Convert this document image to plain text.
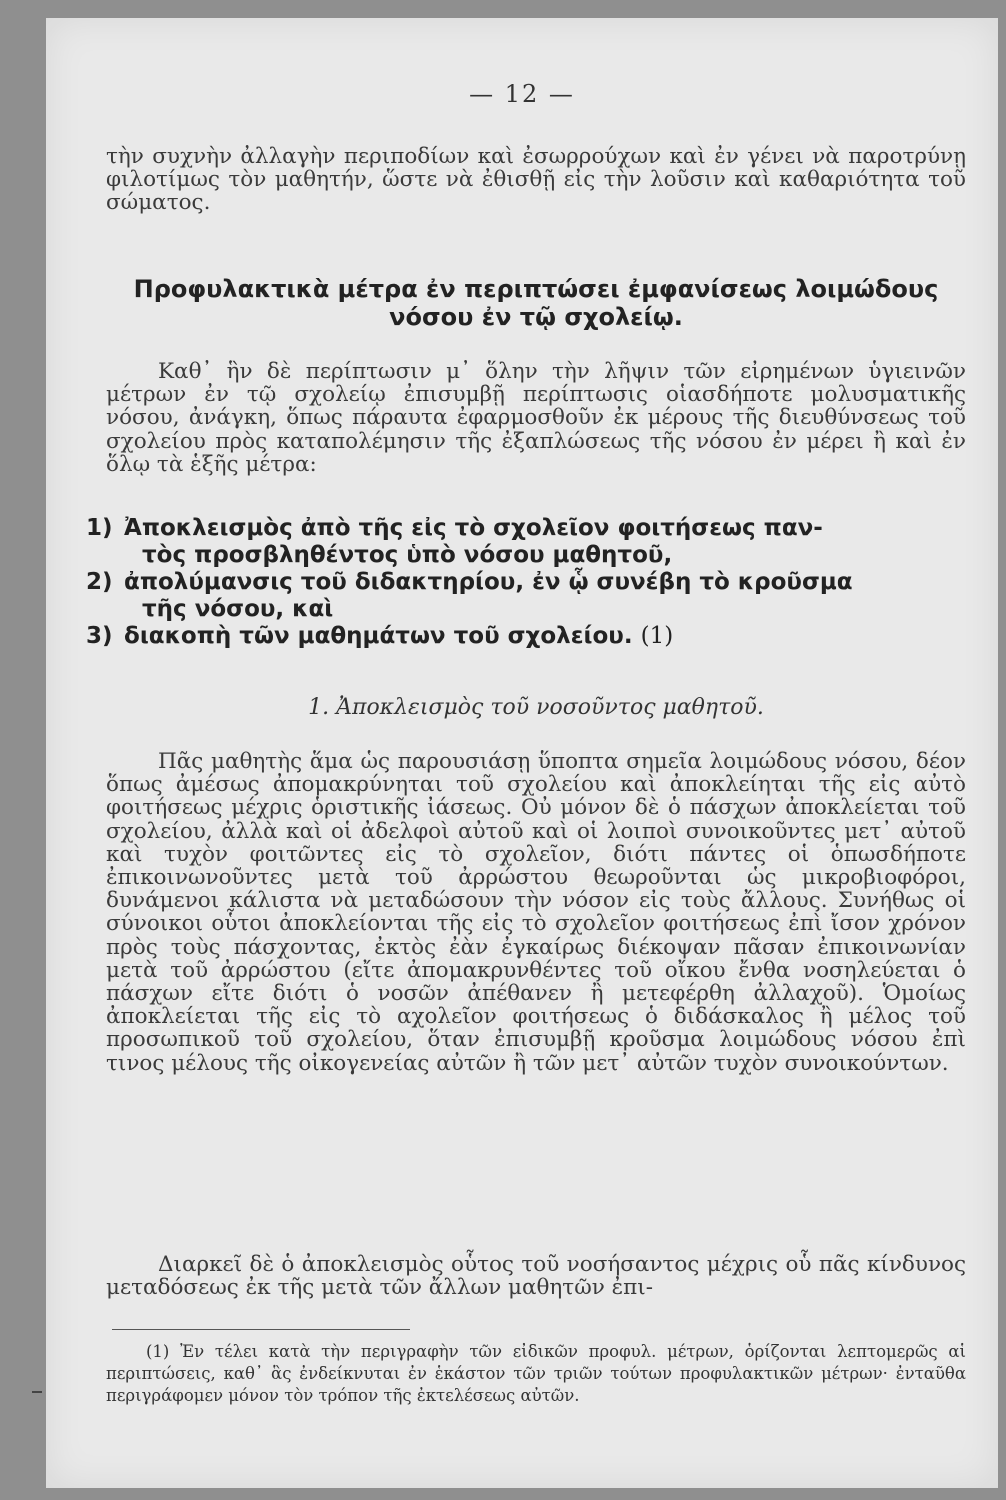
— 12 —
τὴν συχνὴν ἀλλαγὴν περιποδίων καὶ ἐσωρρούχων καὶ ἐν γένει νὰ παροτρύνῃ φιλοτίμως τὸν μαθητήν, ὥστε νὰ ἐθισθῇ εἰς τὴν λοῦσιν καὶ καθαριότητα τοῦ σώματος.
Προφυλακτικὰ μέτρα ἐν περιπτώσει ἐμφανίσεως λοιμώδους νόσου ἐν τῷ σχολείῳ.
Καθ᾽ ἣν δὲ περίπτωσιν μ᾽ ὅλην τὴν λῆψιν τῶν εἰρημένων ὑγιεινῶν μέτρων ἐν τῷ σχολείῳ ἐπισυμβῇ περίπτωσις οἱασδήποτε μολυσματικῆς νόσου, ἀνάγκη, ὅπως πάραυτα ἐφαρμοσθοῦν ἐκ μέρους τῆς διευθύνσεως τοῦ σχολείου πρὸς καταπολέμησιν τῆς ἐξαπλώσεως τῆς νόσου ἐν μέρει ἢ καὶ ἐν ὅλῳ τὰ ἑξῆς μέτρα:

1) Ἀποκλεισμὸς ἀπὸ τῆς εἰς τὸ σχολεῖον φοιτήσεως παν-
τὸς προσβληθέντος ὑπὸ νόσου μαθητοῦ,

2) ἀπολύμανσις τοῦ διδακτηρίου, ἐν ᾧ συνέβη τὸ κροῦσμα
τῆς νόσου, καὶ

3) διακοπὴ τῶν μαθημάτων τοῦ σχολείου. (1)

1. Ἀποκλεισμὸς τοῦ νοσοῦντος μαθητοῦ.
Πᾶς μαθητὴς ἅμα ὡς παρουσιάσῃ ὕποπτα σημεῖα λοιμώδους νόσου, δέον ὅπως ἀμέσως ἀπομακρύνηται τοῦ σχολείου καὶ ἀποκλείηται τῆς εἰς αὐτὸ φοιτήσεως μέχρις ὁριστικῆς ἰάσεως. Οὐ μόνον δὲ ὁ πάσχων ἀποκλείεται τοῦ σχολείου, ἀλλὰ καὶ οἱ ἀδελφοὶ αὐτοῦ καὶ οἱ λοιποὶ συνοικοῦντες μετ᾽ αὐτοῦ καὶ τυχὸν φοιτῶντες εἰς τὸ σχολεῖον, διότι πάντες οἱ ὁπωσδήποτε ἐπικοινωνοῦντες μετὰ τοῦ ἀρρώστου θεωροῦνται ὡς μικροβιοφόροι, δυνάμενοι κάλιστα νὰ μεταδώσουν τὴν νόσον εἰς τοὺς ἄλλους. Συνήθως οἱ σύνοικοι οὗτοι ἀποκλείονται τῆς εἰς τὸ σχολεῖον φοιτήσεως ἐπὶ ἴσον χρόνον πρὸς τοὺς πάσχοντας, ἐκτὸς ἐὰν ἐγκαίρως διέκοψαν πᾶσαν ἐπικοινωνίαν μετὰ τοῦ ἀρρώστου (εἴτε ἀπομακρυνθέντες τοῦ οἴκου ἔνθα νοσηλεύεται ὁ πάσχων εἴτε διότι ὁ νοσῶν ἀπέθανεν ἢ μετεφέρθη ἀλλαχοῦ). Ὁμοίως ἀποκλείεται τῆς εἰς τὸ αχολεῖον φοιτήσεως ὁ διδάσκαλος ἢ μέλος τοῦ προσωπικοῦ τοῦ σχολείου, ὅταν ἐπισυμβῇ κροῦσμα λοιμώδους νόσου ἐπὶ τινος μέλους τῆς οἰκογενείας αὐτῶν ἢ τῶν μετ᾽ αὐτῶν τυχὸν συνοικούντων.
Διαρκεῖ δὲ ὁ ἀποκλεισμὸς οὗτος τοῦ νοσήσαντος μέχρις οὗ πᾶς κίνδυνος μεταδόσεως ἐκ τῆς μετὰ τῶν ἄλλων μαθητῶν ἐπι-

(1) Ἐν τέλει κατὰ τὴν περιγραφὴν τῶν εἰδικῶν προφυλ. μέτρων, ὁρίζονται λεπτομερῶς αἱ περιπτώσεις, καθ᾽ ἃς ἐνδείκνυται ἐν ἑκάστον τῶν τριῶν τούτων προφυλακτικῶν μέτρων· ἐνταῦθα περιγράφομεν μόνον τὸν τρόπον τῆς ἐκτελέσεως αὐτῶν.
